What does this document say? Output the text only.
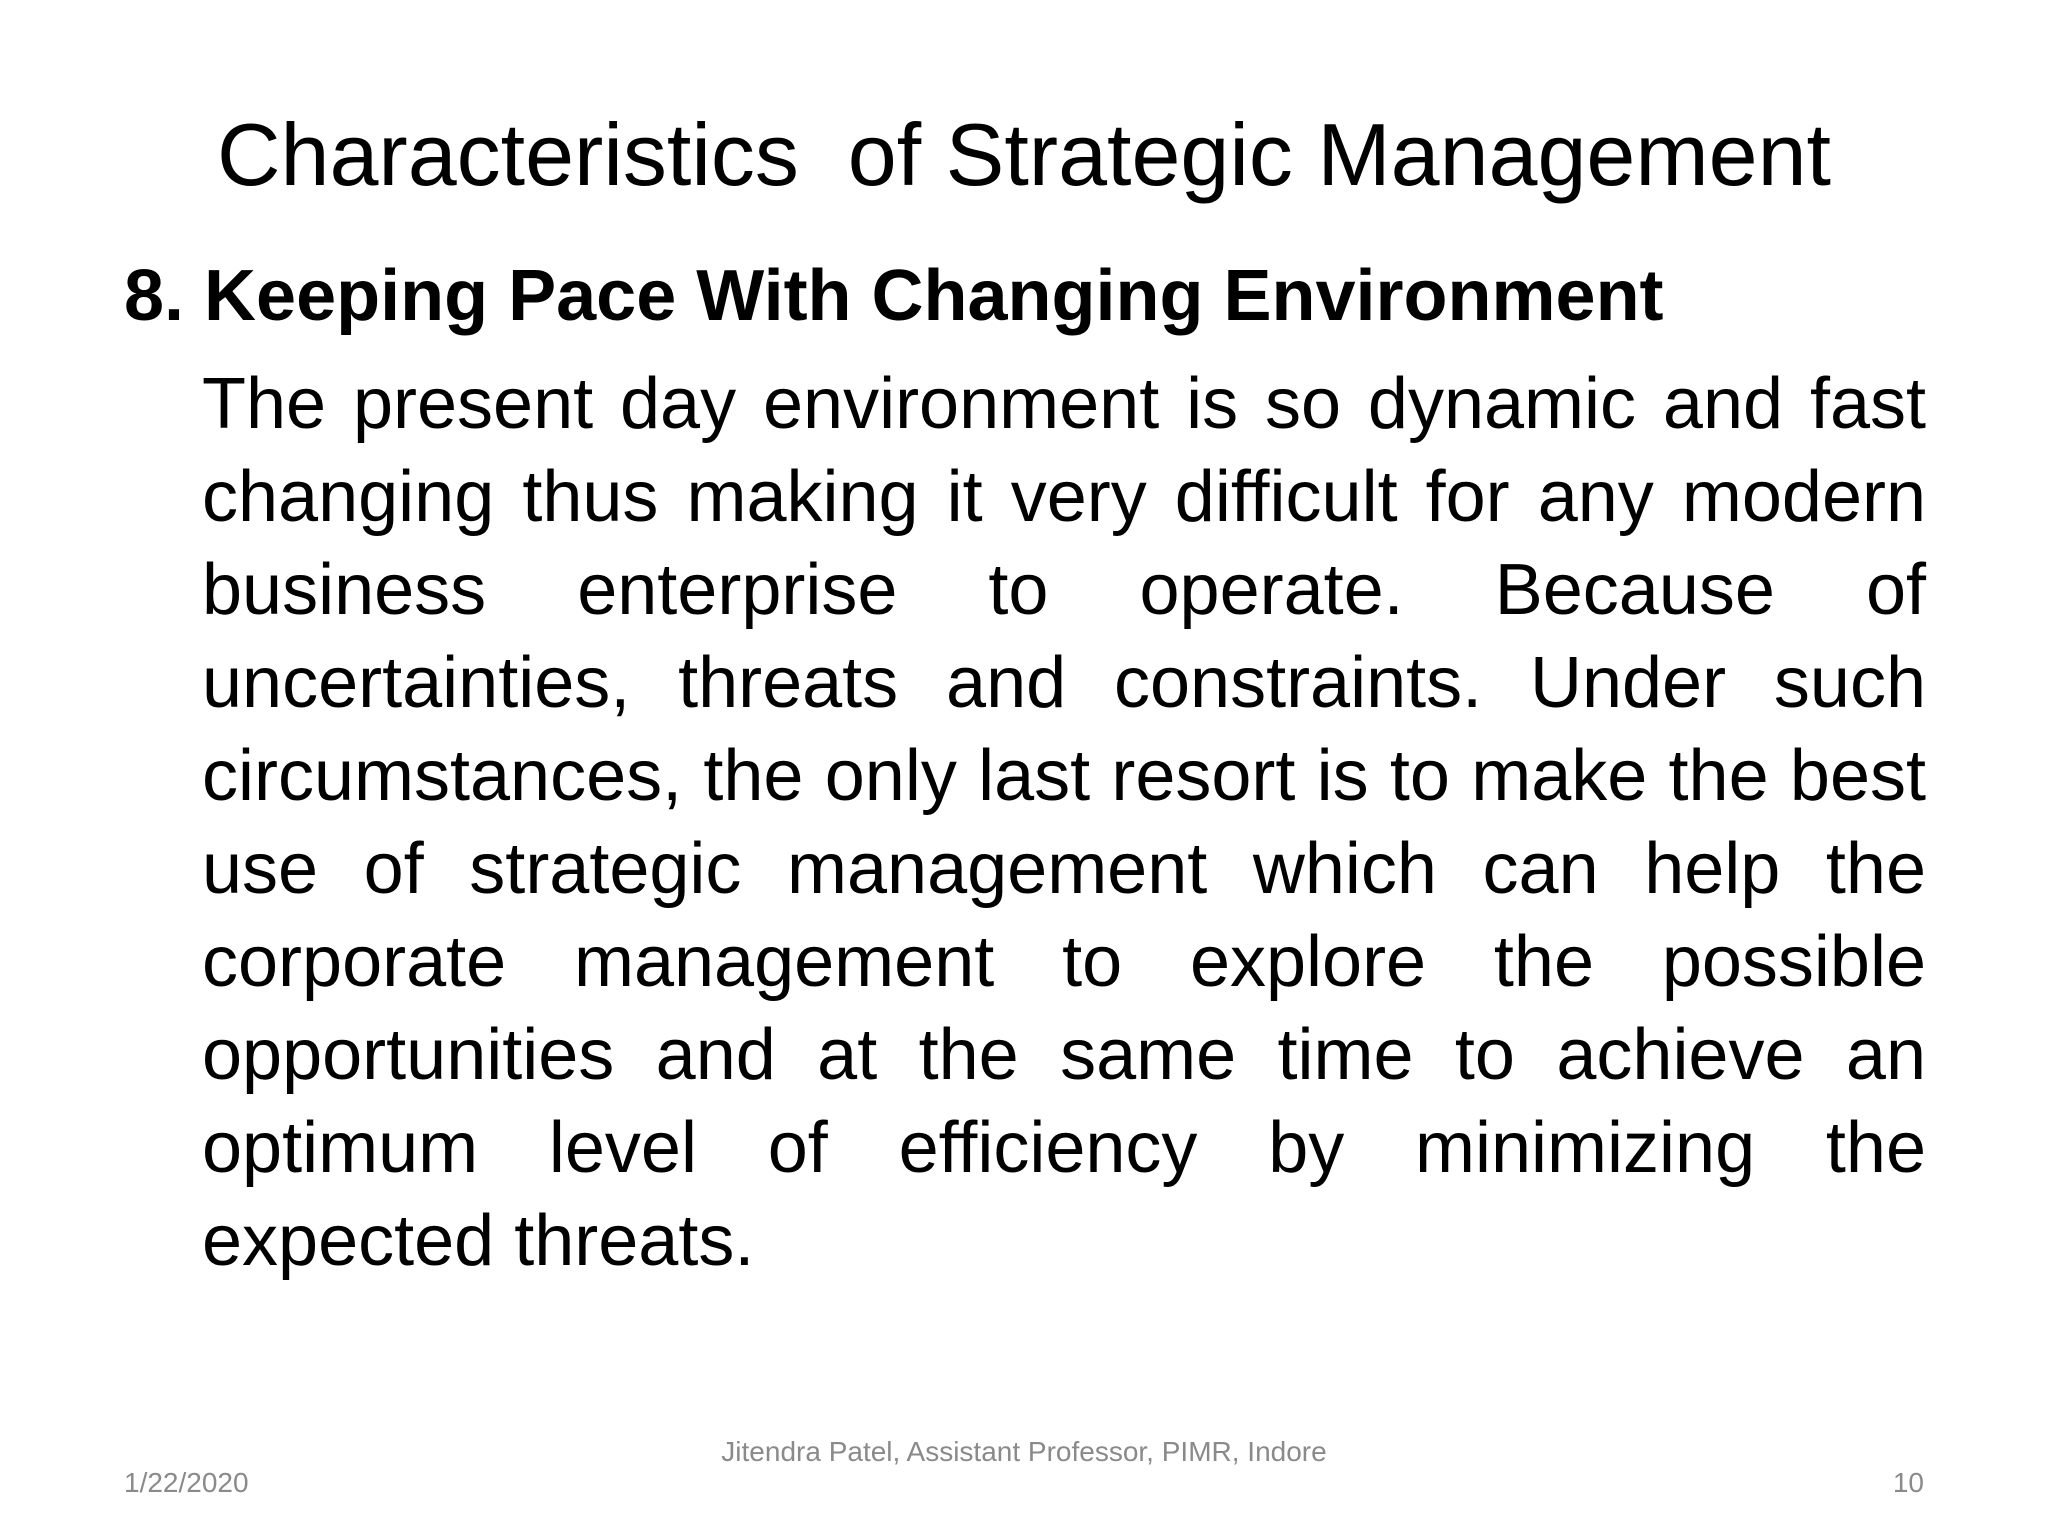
Characteristics  of Strategic Management
8. Keeping Pace With Changing Environment

The present day environment is so dynamic and fast changing thus making it very difficult for any modern business enterprise to operate. Because of uncertainties, threats and constraints. Under such circumstances, the only last resort is to make the best use of strategic management which can help the corporate management to explore the possible opportunities and at the same time to achieve an optimum level of efficiency by minimizing the expected threats.

1/22/2020
Jitendra Patel, Assistant Professor, PIMR, Indore
10
